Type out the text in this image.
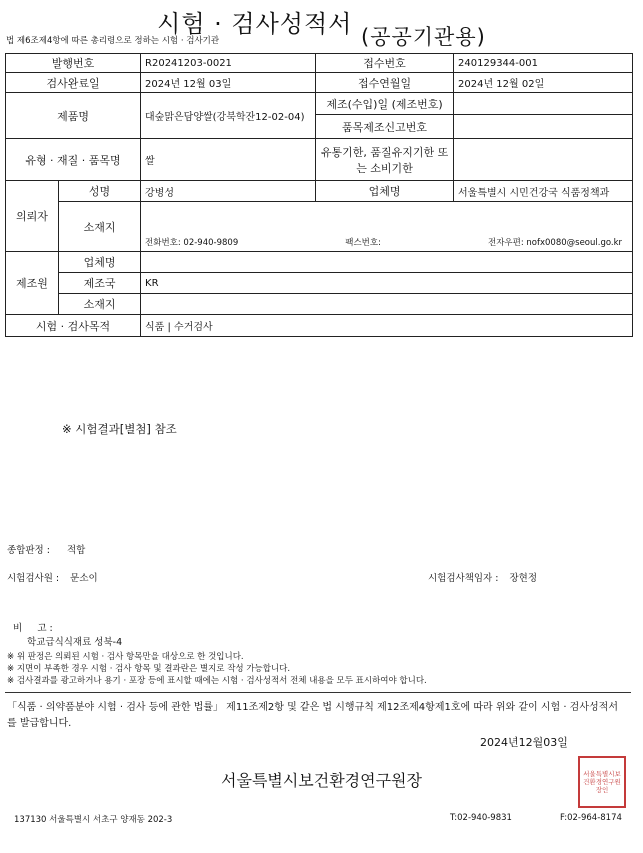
시험 · 검사성적서 (공공기관용)
법 제6조제4항에 따른 총리령으로 정하는 시험 · 검사기관
발행번호		R20241203-0021	접수번호	240129344-001
검사완료일		2024년 12월 03일	접수연월일	2024년 12월 02일
제품명		대숲맑은담양쌀(강북학잔12-02-04)	제조(수입)일 (제조번호)	
			품목제조신고번호	
유형 · 재질 · 품목명		쌀	유통기한, 품질유지기한 또는 소비기한	
의뢰자	성명	강병성	업체명	서울특별시 시민건강국 식품정책과
	소재지	전화번호: 02-940-9809 팩스번호: 전자우편: nofx0080@seoul.go.kr		

제조원	업체명			
	제조국	KR		
	소재지			
시험 · 검사목적		식품 | 수거검사		
※ 시험결과[별첨] 참조
종합판정 : 적합
시험검사원 : 문소이	시험검사책임자 : 장현정

비     고 :
학교급식식재료 성북-4

※ 위 판정은 의뢰된 시험 · 검사 항목만을 대상으로 한 것입니다.
※ 지면이 부족한 경우 시험 · 검사 항목 및 결과란은 별지로 작성 가능합니다.
※ 검사결과를 광고하거나 용기 · 포장 등에 표시할 때에는 시험 · 검사성적서 전체 내용을 모두 표시하여야 합니다.
「식품 · 의약품분야 시험 · 검사 등에 관한 법률」 제11조제2항 및 같은 법 시행규칙 제12조제4항제1호에 따라 위와 같이 시험 · 검사성적서를 발급합니다.
2024년12월03일
서울특별시보건환경연구원장	서울특별시보건환경연구원장인
137130 서울특별시 서초구 양재동 202-3	T:02-940-9831	F:02-964-8174
